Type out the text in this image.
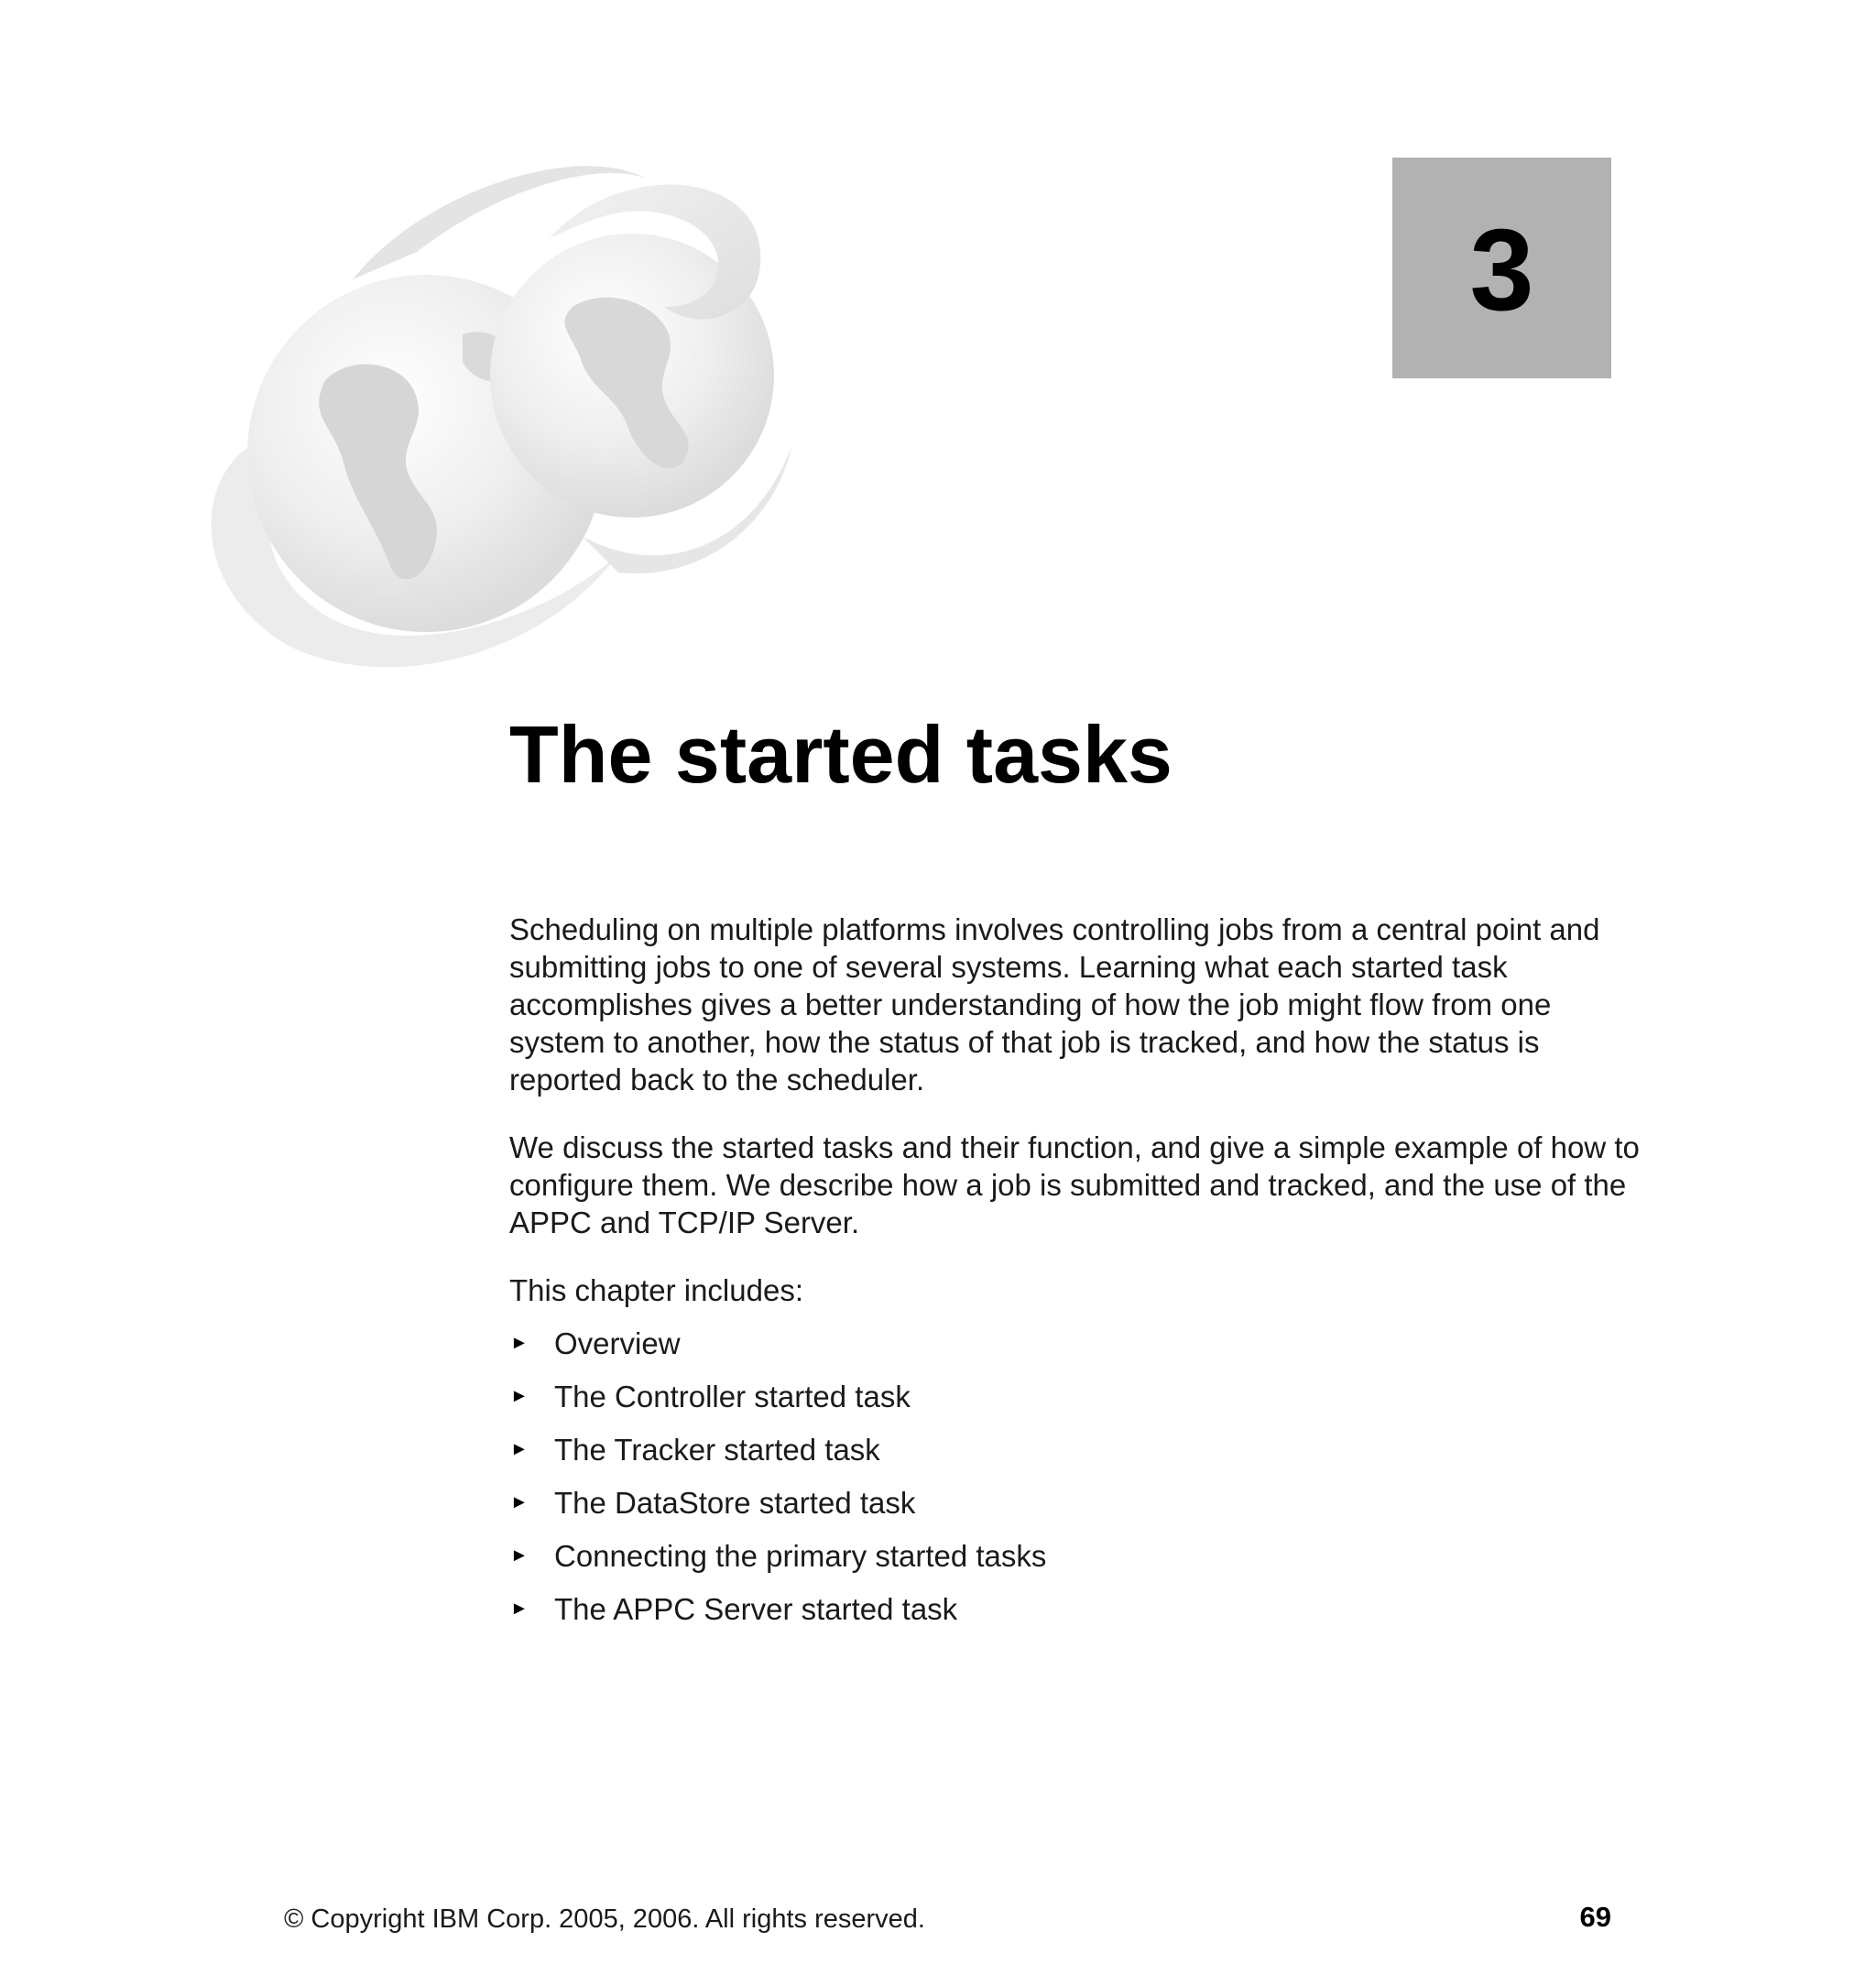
3
The started tasks

Scheduling on multiple platforms involves controlling jobs from a central point and submitting jobs to one of several systems. Learning what each started task accomplishes gives a better understanding of how the job might flow from one system to another, how the status of that job is tracked, and how the status is reported back to the scheduler.

We discuss the started tasks and their function, and give a simple example of how to configure them. We describe how a job is submitted and tracked, and the use of the APPC and TCP/IP Server.

This chapter includes:

► Overview
► The Controller started task
► The Tracker started task
► The DataStore started task
► Connecting the primary started tasks
► The APPC Server started task
© Copyright IBM Corp. 2005, 2006. All rights reserved.	69
